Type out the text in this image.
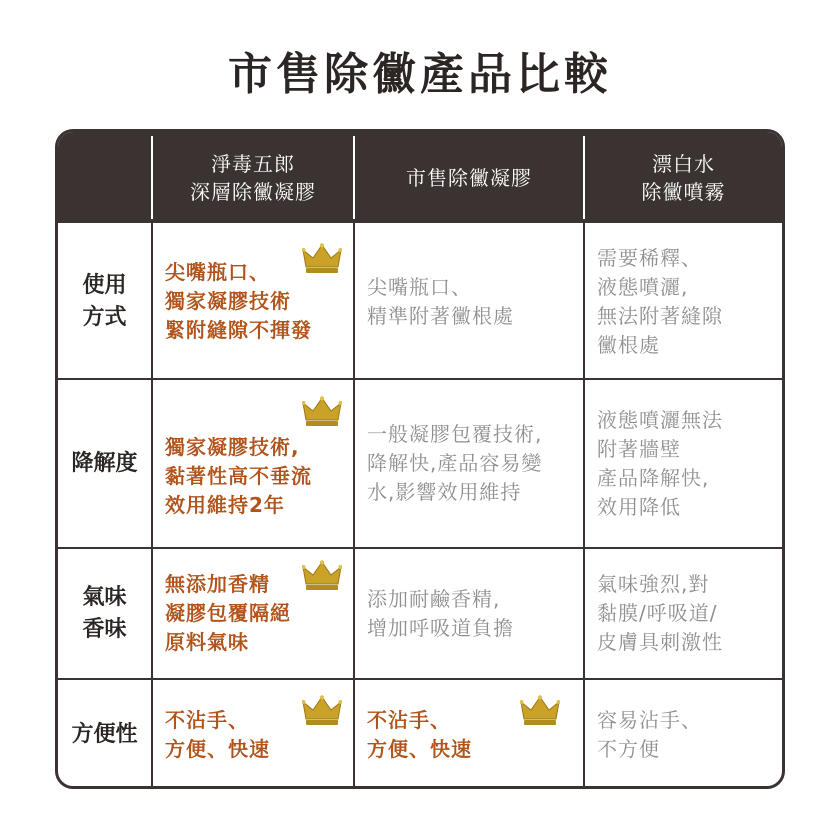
市售除黴產品比較
淨毒五郎
深層除黴凝膠
市售除黴凝膠
漂白水
除黴噴霧
使用
方式
尖嘴瓶口、
獨家凝膠技術
緊附縫隙不揮發
尖嘴瓶口、
精準附著黴根處
需要稀釋、
液態噴灑,
無法附著縫隙
黴根處
降解度
獨家凝膠技術,
黏著性高不垂流
效用維持2年
一般凝膠包覆技術,
降解快,產品容易變
水,影響效用維持
液態噴灑無法
附著牆壁
產品降解快,
效用降低
氣味
香味
無添加香精
凝膠包覆隔絕
原料氣味
添加耐鹼香精,
增加呼吸道負擔
氣味強烈,對
黏膜/呼吸道/
皮膚具刺激性
方便性
不沾手、
方便、快速
不沾手、
方便、快速
容易沾手、
不方便
